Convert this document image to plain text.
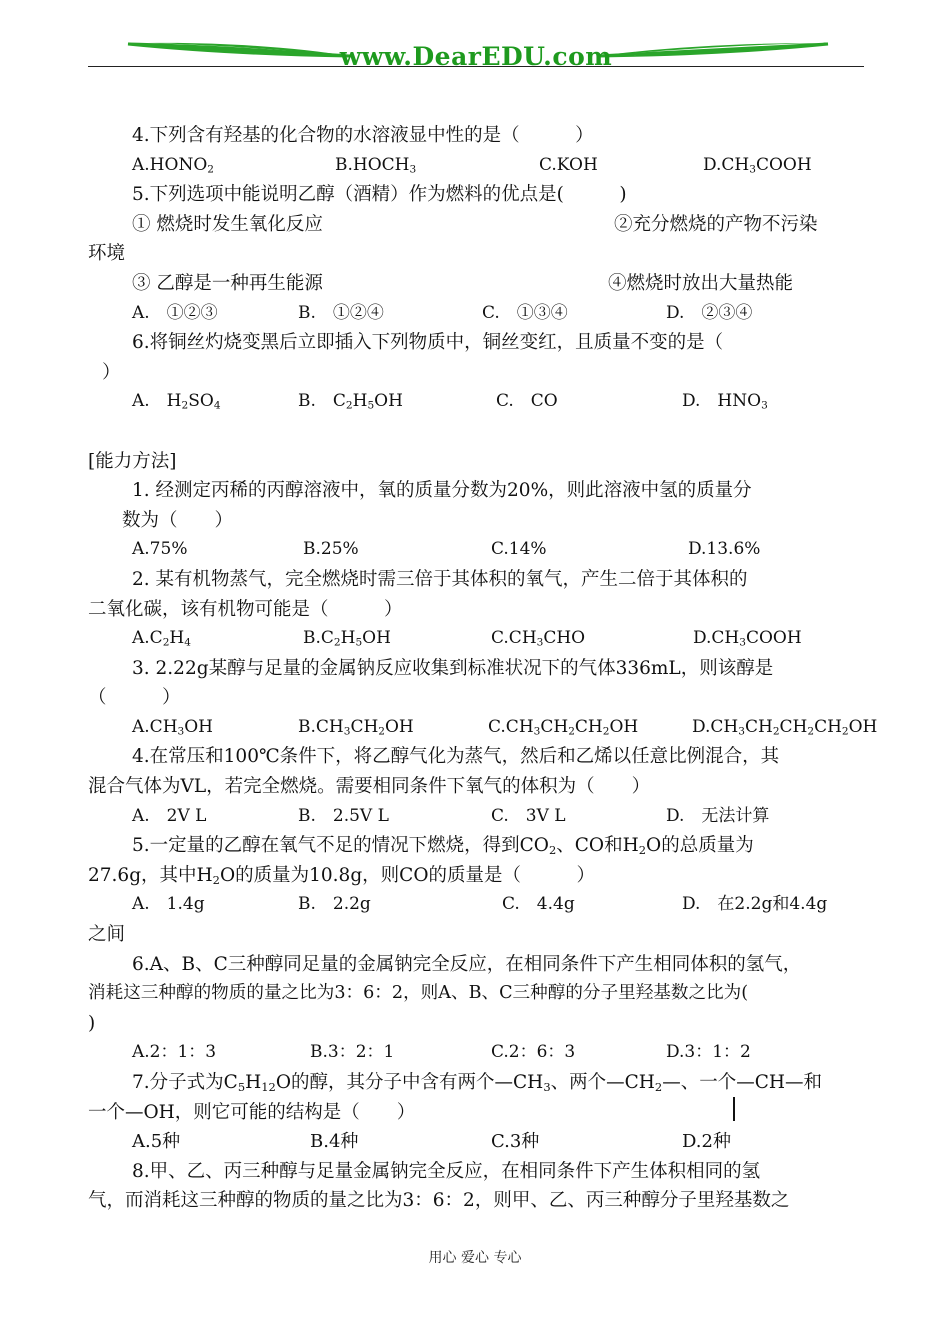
www.DearEDU.com
4.下列含有羟基的化合物的水溶液显中性的是（　　　）
$A.HONO_2$	$B.HOCH_3$	C.KOH	$D.CH_3COOH$
5.下列选项中能说明乙醇（酒精）作为燃料的优点是(　　　)
① 燃烧时发生氧化反应	②充分燃烧的产物不污染
环境
③ 乙醇是一种再生能源	④燃烧时放出大量热能
A.　①②③	B.　①②④	C.　①③④	D.　②③④
6.将铜丝灼烧变黑后立即插入下列物质中，铜丝变红，且质量不变的是（
）
A.　$H_2SO_4$	B.　$C_2H_5OH$	C.　CO	D.　$HNO_3$
[能力方法]
1. 经测定丙稀的丙醇溶液中，氧的质量分数为20%，则此溶液中氢的质量分
数为（　　）
A.75%	B.25%	C.14%	D.13.6%
2. 某有机物蒸气，完全燃烧时需三倍于其体积的氧气，产生二倍于其体积的
二氧化碳，该有机物可能是（　　　）
$A.C_2H_4$	$B.C_2H_5OH$	$C.CH_3CHO$	$D.CH_3COOH$
3. 2.22g某醇与足量的金属钠反应收集到标准状况下的气体336mL，则该醇是
（　　　）
$A.CH_3OH$	$B.CH_3CH_2OH$	$C.CH_3CH_2CH_2OH$	$D.CH_3CH_2CH_2CH_2OH$
4.在常压和100℃条件下，将乙醇气化为蒸气，然后和乙烯以任意比例混合，其
混合气体为VL，若完全燃烧。需要相同条件下氧气的体积为（　　）
A.　2V L	B.　2.5V L	C.　3V L	D.　无法计算
5.一定量的乙醇在氧气不足的情况下燃烧，得到$CO_2$、CO和$H_2O$的总质量为
27.6g，其中$H_2O$的质量为10.8g，则CO的质量是（　　　）
A.　1.4g	B.　2.2g	C.　4.4g	D.　在2.2g和4.4g
之间
6.A、B、C三种醇同足量的金属钠完全反应，在相同条件下产生相同体积的氢气，
消耗这三种醇的物质的量之比为3：6：2，则A、B、C三种醇的分子里羟基数之比为(
)
A.2：1：3	B.3：2：1	C.2：6：3	D.3：1：2
7.分子式为$C_5H_{12}O$的醇，其分子中含有两个$—CH_3$、两个$—CH_2—$、一个—CH—和
一个—OH，则它可能的结构是（　　）
A.5种	B.4种	C.3种	D.2种
8.甲、乙、丙三种醇与足量金属钠完全反应，在相同条件下产生体积相同的氢
气，而消耗这三种醇的物质的量之比为3：6：2，则甲、乙、丙三种醇分子里羟基数之
用心 爱心 专心
